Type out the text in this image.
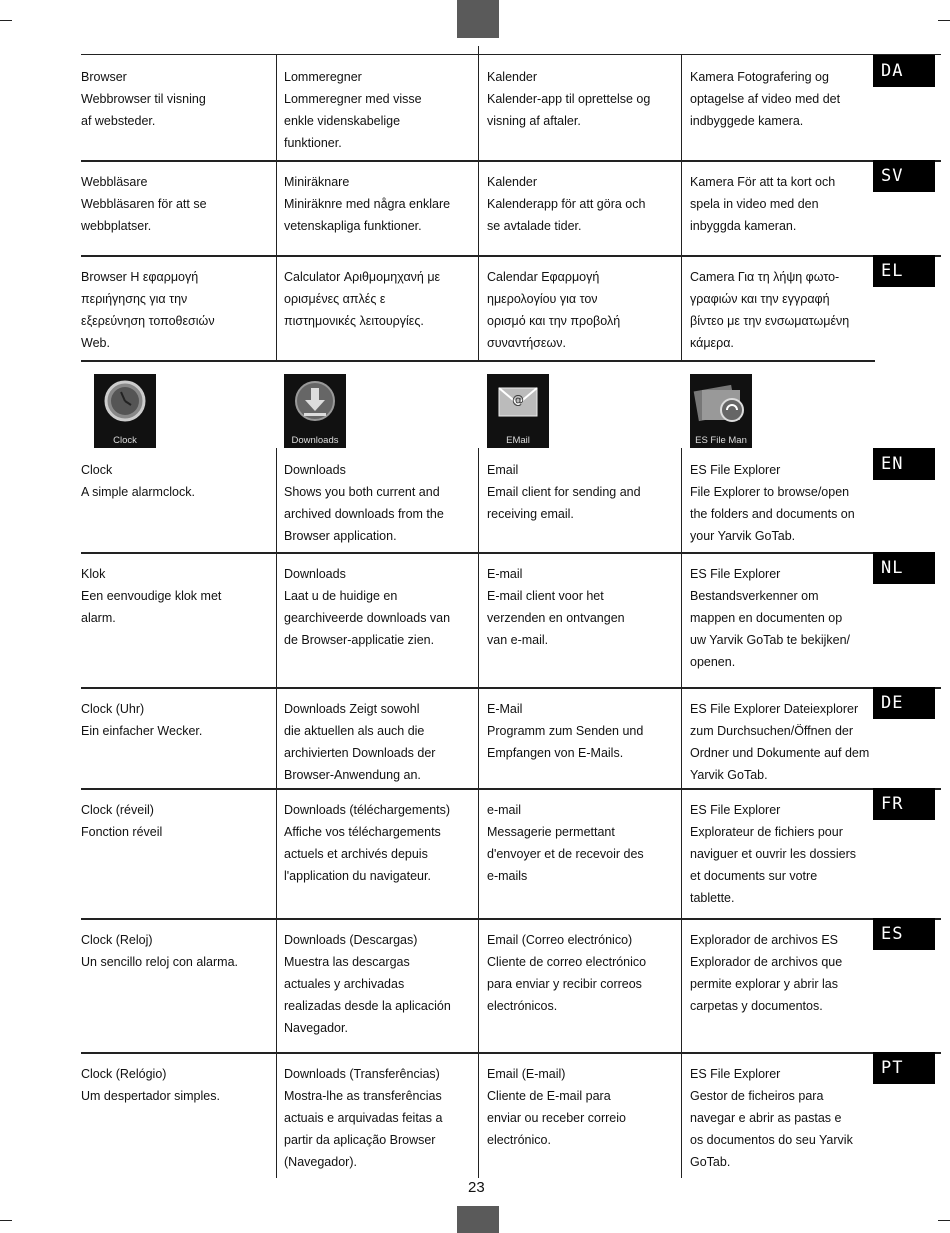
DA
Browser
Webbrowser til visning
af websteder.
Lommeregner
Lommeregner med visse
enkle videnskabelige
funktioner.
Kalender
Kalender-app til oprettelse og
visning af aftaler.
Kamera Fotografering og
optagelse af video med det
indbyggede kamera.
SV
Webbläsare
Webbläsaren för att se
webbplatser.
Miniräknare
Miniräknre med några enklare
vetenskapliga funktioner.
Kalender
Kalenderapp för att göra och
se avtalade tider.
Kamera För att ta kort och
spela in video med den
inbyggda kameran.
EL
Browser Η εφαρμογή
περιήγησης για την
εξερεύνηση τοποθεσιών
Web.
Calculator Αριθμομηχανή με
ορισμένες απλές ε
πιστημονικές λειτουργίες.
Calendar Εφαρμογή
ημερολογίου για τον
ορισμό και την προβολή
συναντήσεων.
Camera Για τη λήψη φωτο-
γραφιών και την εγγραφή
βίντεο με την ενσωματωμένη
κάμερα.
EN
Clock
A simple alarmclock.
Downloads
Shows you both current and
archived downloads from the
Browser application.
Email
Email client for sending and
receiving email.
ES File Explorer
File Explorer to browse/open
the folders and documents on
your Yarvik GoTab.
NL
Klok
Een eenvoudige klok met
alarm.
Downloads
Laat u de huidige en
gearchiveerde downloads van
de Browser-applicatie zien.
E-mail
E-mail client voor het
verzenden en ontvangen
van e-mail.
ES File Explorer
Bestandsverkenner om
mappen en documenten op
uw Yarvik GoTab te bekijken/
openen.
DE
Clock (Uhr)
Ein einfacher Wecker.
Downloads Zeigt sowohl
die aktuellen als auch die
archivierten Downloads der
Browser-Anwendung an.
E-Mail
Programm zum Senden und
Empfangen von E-Mails.
ES File Explorer Dateiexplorer
zum Durchsuchen/Öffnen der
Ordner und Dokumente auf dem
Yarvik GoTab.
FR
Clock (réveil)
Fonction réveil
Downloads (téléchargements)
Affiche vos téléchargements
actuels et archivés depuis
l'application du navigateur.
e-mail
Messagerie permettant
d'envoyer et de recevoir des
e-mails
ES File Explorer
Explorateur de fichiers pour
naviguer et ouvrir les dossiers
et documents sur votre
tablette.
ES
Clock (Reloj)
Un sencillo reloj con alarma.
Downloads (Descargas)
Muestra las descargas
actuales y archivadas
realizadas desde la aplicación
Navegador.
Email (Correo electrónico)
Cliente de correo electrónico
para enviar y recibir correos
electrónicos.
Explorador de archivos ES
Explorador de archivos que
permite explorar y abrir las
carpetas y documentos.
PT
Clock (Relógio)
Um despertador simples.
Downloads (Transferências)
Mostra-lhe as transferências
actuais e arquivadas feitas a
partir da aplicação Browser
(Navegador).
Email (E-mail)
Cliente de E-mail para
enviar ou receber correio
electrónico.
ES File Explorer
Gestor de ficheiros para
navegar e abrir as pastas e
os documentos do seu Yarvik
GoTab.
Clock	Downloads
@
EMail	ES File Man
23
